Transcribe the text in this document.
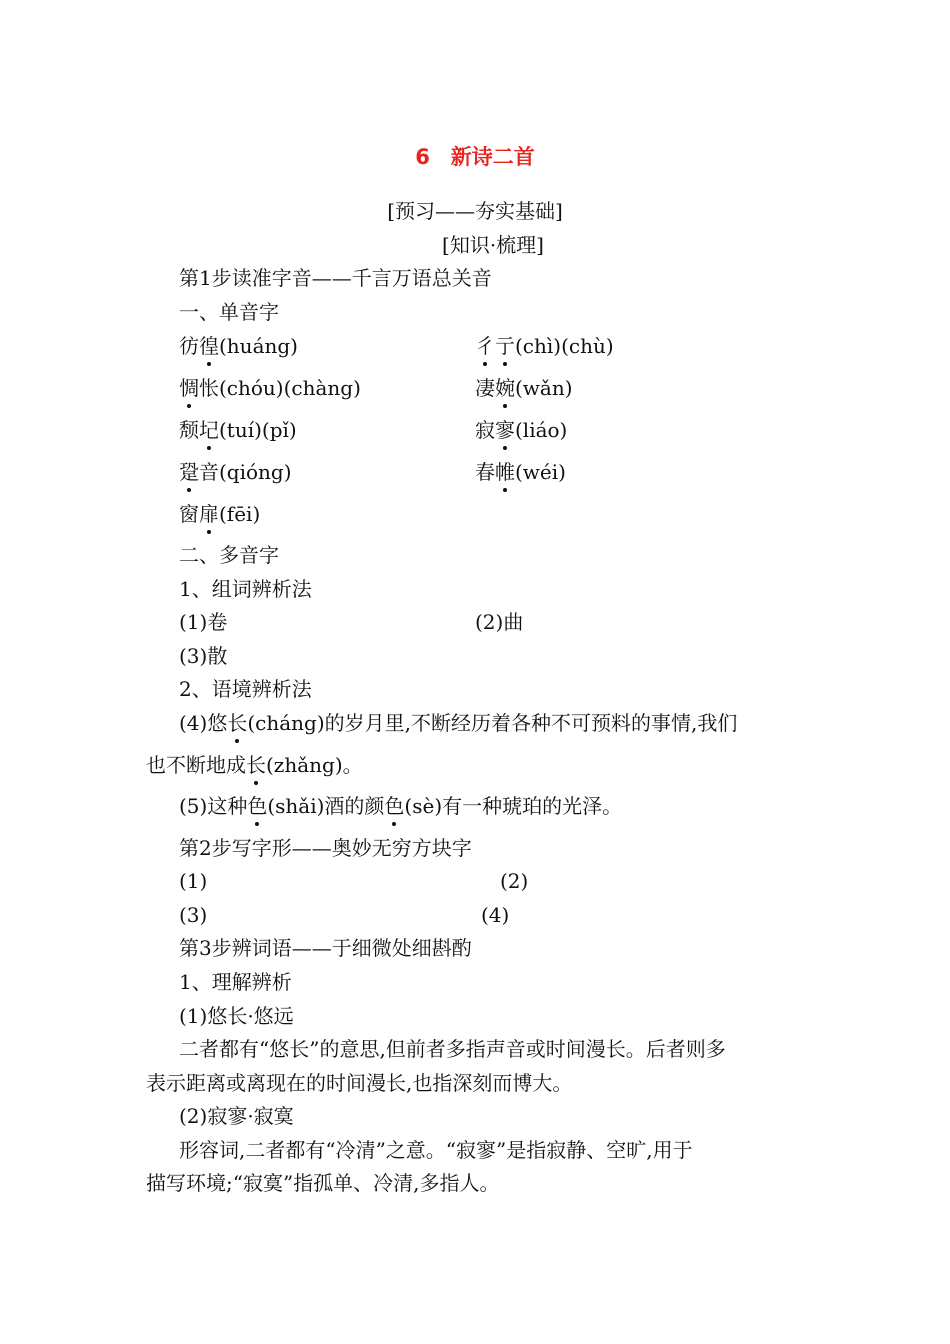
6　新诗二首
[预习——夯实基础]
[知识·梳理]
第1步读准字音——千言万语总关音
一、单音字
彷徨(huáng)	彳亍(chì)(chù)
惆怅(chóu)(chàng)	凄婉(wǎn)
颓圮(tuí)(pǐ)	寂寥(liáo)
跫音(qióng)	春帷(wéi)
窗扉(fēi)
二、多音字
1、组词辨析法
(1)卷	(2)曲
(3)散
2、语境辨析法
(4)悠长(cháng)的岁月里,不断经历着各种不可预料的事情,我们
也不断地成长(zhǎng)。
(5)这种色(shǎi)酒的颜色(sè)有一种琥珀的光泽。
第2步写字形——奥妙无穷方块字
(1)	(2)
(3)	(4)
第3步辨词语——于细微处细斟酌
1、理解辨析
(1)悠长·悠远
二者都有“悠长”的意思,但前者多指声音或时间漫长。后者则多
表示距离或离现在的时间漫长,也指深刻而博大。
(2)寂寥·寂寞
形容词,二者都有“冷清”之意。“寂寥”是指寂静、空旷,用于
描写环境;“寂寞”指孤单、冷清,多指人。
